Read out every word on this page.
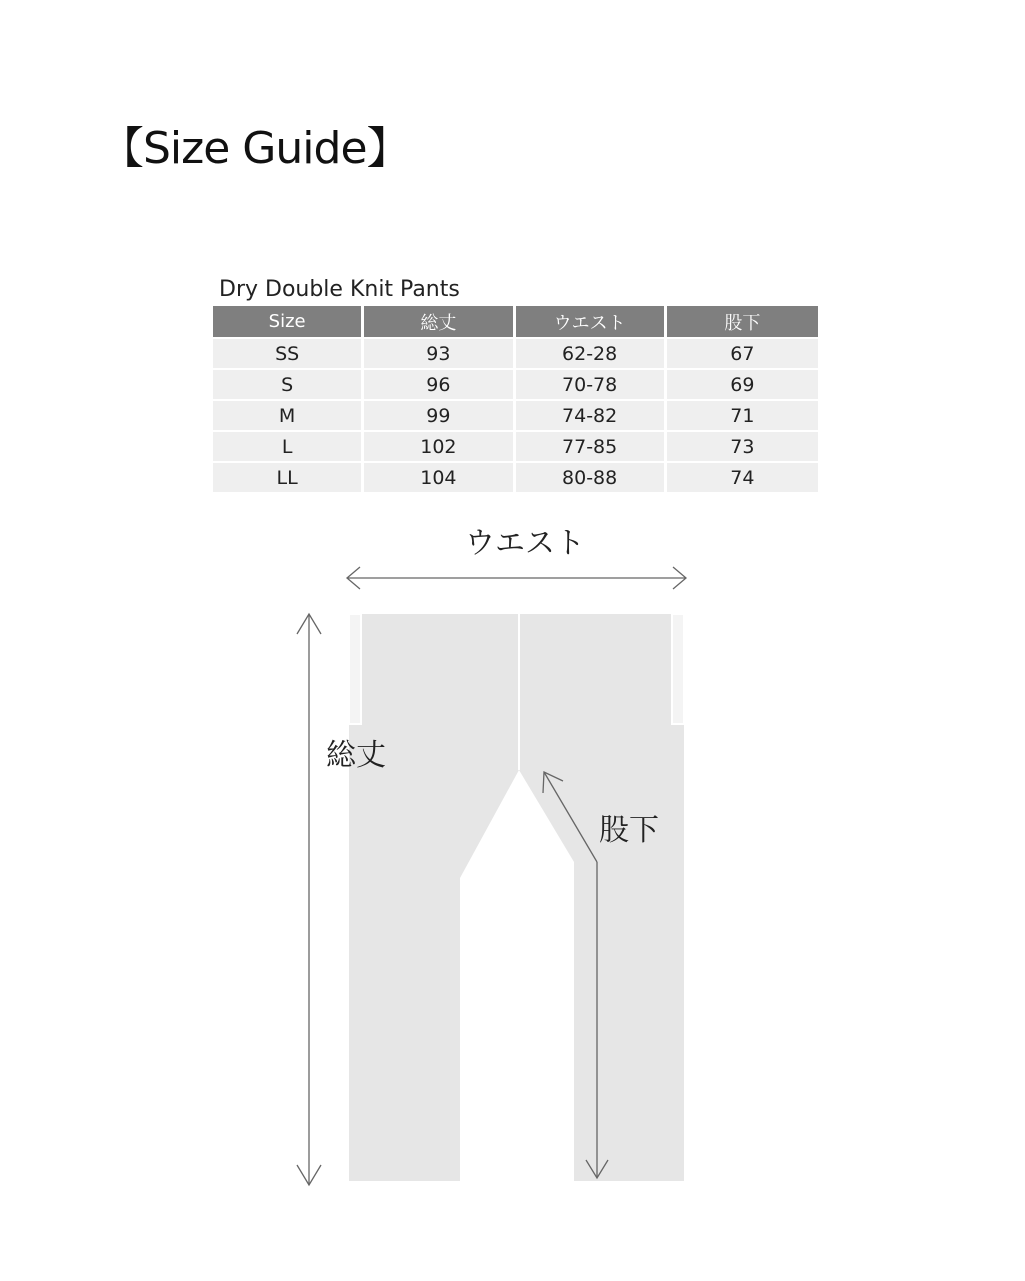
【Size Guide】
Dry Double Knit Pants
Size	総丈	ウエスト	股下
SS	93	62-28	67
S	96	70-78	69
M	99	74-82	71
L	102	77-85	73
LL	104	80-88	74
ウエスト
総丈
股下
